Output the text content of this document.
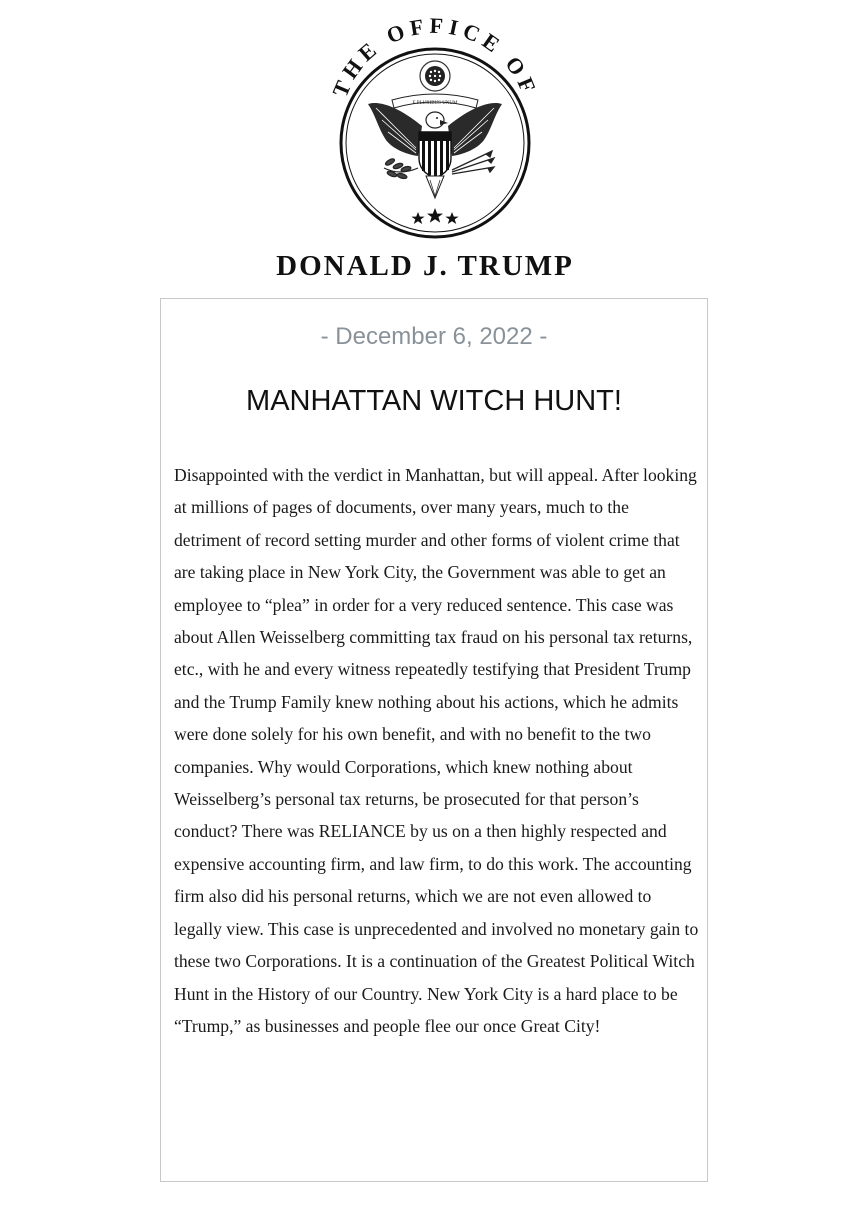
THE OFFICE OF
E PLURIBUS UNUM
DONALD J. TRUMP

- December 6, 2022 -

MANHATTAN WITCH HUNT!

Disappointed with the verdict in Manhattan, but will appeal. After looking at millions of pages of documents, over many years, much to the detriment of record setting murder and other forms of violent crime that are taking place in New York City, the Government was able to get an employee to “plea” in order for a very reduced sentence. This case was about Allen Weisselberg committing tax fraud on his personal tax returns, etc., with he and every witness repeatedly testifying that President Trump and the Trump Family knew nothing about his actions, which he admits were done solely for his own benefit, and with no benefit to the two companies. Why would Corporations, which knew nothing about Weisselberg’s personal tax returns, be prosecuted for that person’s conduct? There was RELIANCE by us on a then highly respected and expensive accounting firm, and law firm, to do this work. The accounting firm also did his personal returns, which we are not even allowed to legally view. This case is unprecedented and involved no monetary gain to these two Corporations. It is a continuation of the Greatest Political Witch Hunt in the History of our Country. New York City is a hard place to be “Trump,” as businesses and people flee our once Great City!
